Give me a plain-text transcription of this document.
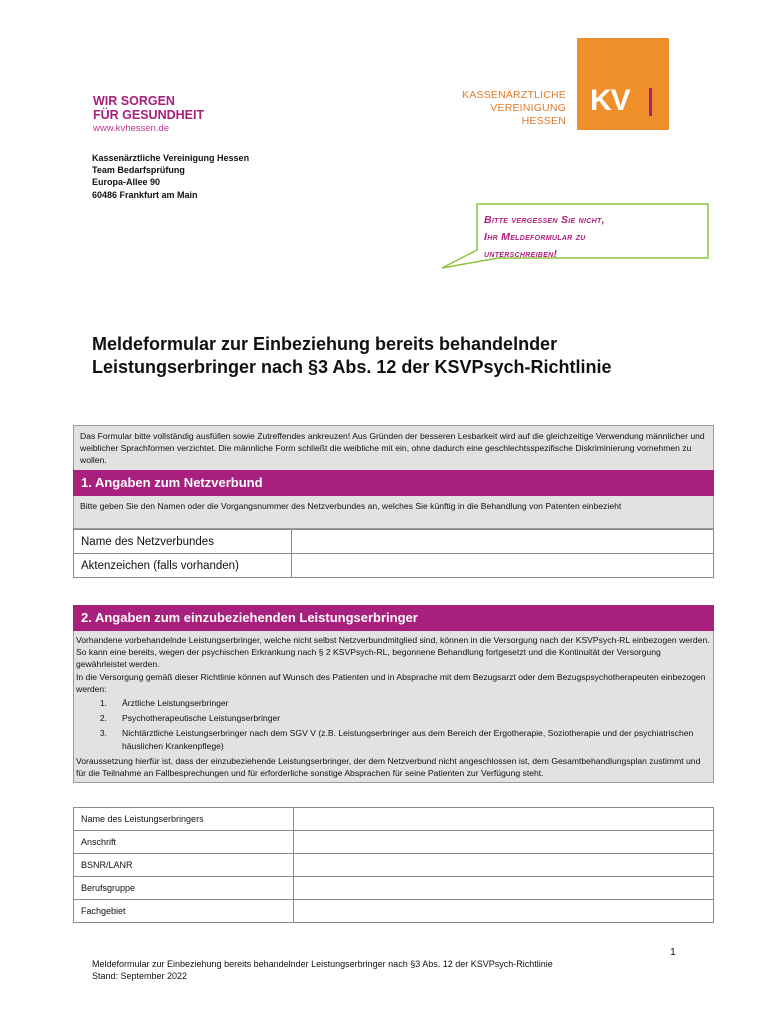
WIR SORGEN
FÜR GESUNDHEIT
www.kvhessen.de
KASSENÄRZTLICHE
VEREINIGUNG
HESSEN
KV
Kassenärztliche Vereinigung Hessen
Team Bedarfsprüfung
Europa-Allee 90
60486 Frankfurt am Main
Bitte vergessen Sie nicht,
Ihr Meldeformular zu
unterschreiben!
Meldeformular zur Einbeziehung bereits behandelnder Leistungserbringer nach §3 Abs. 12 der KSVPsych-Richtlinie
Das Formular bitte vollständig ausfüllen sowie Zutreffendes ankreuzen! Aus Gründen der besseren Lesbarkeit wird auf die gleichzeitige Verwendung männlicher und weiblicher Sprachformen verzichtet. Die männliche Form schließt die weibliche mit ein, ohne dadurch eine geschlechtsspezifische Diskriminierung vornehmen zu wollen.
1. Angaben zum Netzverbund
Bitte geben Sie den Namen oder die Vorgangsnummer des Netzverbundes an, welches Sie künftig in die Behandlung von Patenten einbezieht
Name des Netzverbundes	
Aktenzeichen (falls vorhanden)	
2. Angaben zum einzubeziehenden Leistungserbringer

Vorhandene vorbehandelnde Leistungserbringer, welche nicht selbst Netzverbundmitglied sind, können in die Versorgung nach der KSVPsych-RL einbezogen werden. So kann eine bereits, wegen der psychischen Erkrankung nach § 2 KSVPsych-RL, begonnene Behandlung fortgesetzt und die Kontinuität der Versorgung gewährleistet werden.

In die Versorgung gemäß dieser Richtlinie können auf Wunsch des Patienten und in Absprache mit dem Bezugsarzt oder dem Bezugspsychotherapeuten einbezogen werden:

1.	Ärztliche Leistungserbringer
2.	Psychotherapeutische Leistungserbringer
3.	Nichtärztliche Leistungserbringer nach dem SGV V (z.B. Leistungserbringer aus dem Bereich der Ergotherapie, Soziotherapie und der psychiatrischen häuslichen Krankenpflege)

Voraussetzung hierfür ist, dass der einzubeziehende Leistungserbringer, der dem Netzverbund nicht angeschlossen ist, dem Gesamtbehandlungsplan zustimmt und für die Teilnahme an Fallbesprechungen und für erforderliche sonstige Absprachen für seine Patienten zur Verfügung steht.

Name des Leistungserbringers	
Anschrift	
BSNR/LANR	
Berufsgruppe	
Fachgebiet	
1
Meldeformular zur Einbeziehung bereits behandelnder Leistungserbringer nach §3 Abs. 12 der KSVPsych-Richtlinie
Stand: September 2022
